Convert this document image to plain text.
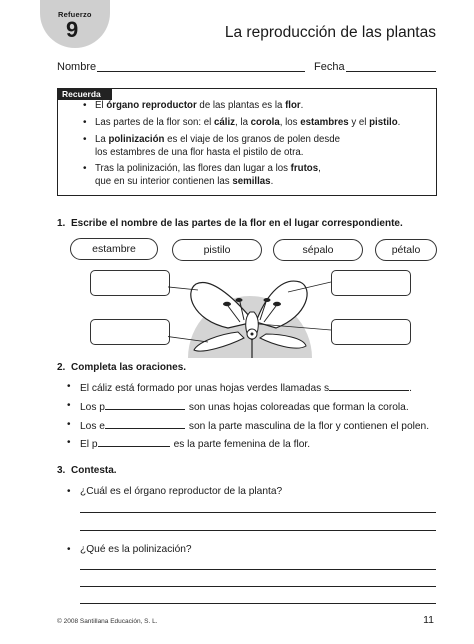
Refuerzo
9	La reproducción de las plantas
Nombre	Fecha
Recuerda
• El órgano reproductor de las plantas es la flor.
• Las partes de la flor son: el cáliz, la corola, los estambres y el pistilo.
• La polinización es el viaje de los granos de polen desde
los estambres de una flor hasta el pistilo de otra.
• Tras la polinización, las flores dan lugar a los frutos,
que en su interior contienen las semillas.
1. Escribe el nombre de las partes de la flor en el lugar correspondiente.
estambre	pistilo	sépalo	pétalo
2. Completa las oraciones.
• El cáliz está formado por unas hojas verdes llamadas s	.
• Los p	son unas hojas coloreadas que forman la corola.
• Los e	son la parte masculina de la flor y contienen el polen.
• El p	es la parte femenina de la flor.
3. Contesta.
• ¿Cuál es el órgano reproductor de la planta?
• ¿Qué es la polinización?
© 2008 Santillana Educación, S. L.	11
